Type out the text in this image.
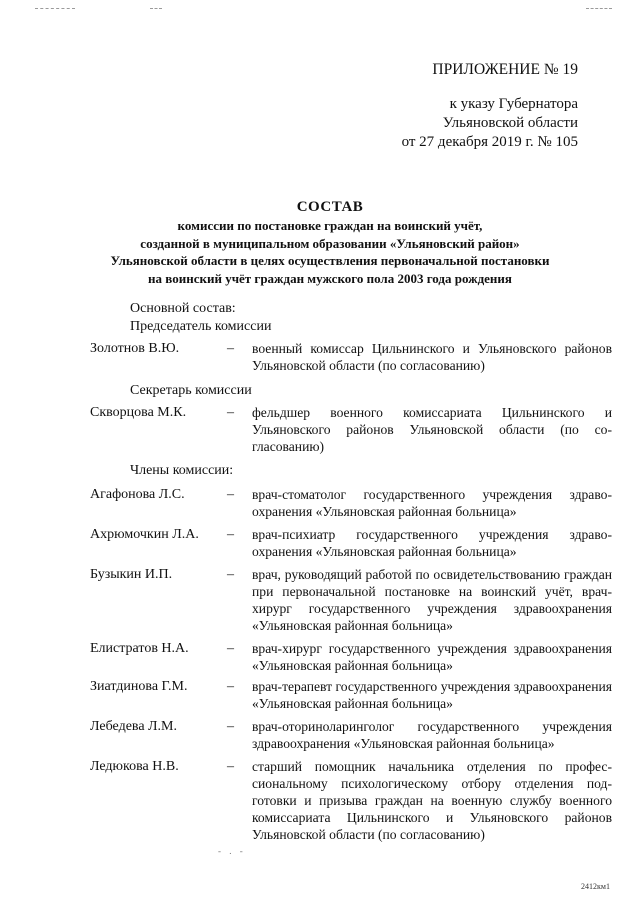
ПРИЛОЖЕНИЕ № 19
к указу Губернатора
Ульяновской области
от 27 декабря 2019 г. № 105
СОСТАВ
комиссии по постановке граждан на воинский учёт,
созданной в муниципальном образовании «Ульяновский район»
Ульяновской области в целях осуществления первоначальной постановки
на воинский учёт граждан мужского пола 2003 года рождения
Основной состав:
Председатель комиссии
Золотнов В.Ю.	– военный комиссар Цильнинского и Ульяновского районов Ульяновской области (по согласованию)
Секретарь комиссии
Скворцова М.К.	– фельдшер военного комиссариата Цильнинского и Ульяновского районов Ульяновской области (по согласованию)
Члены комиссии:
Агафонова Л.С.	– врач-стоматолог государственного учреждения здравоохранения «Ульяновская районная больница»
Ахрюмочкин Л.А. – врач-психиатр государственного учреждения здравоохранения «Ульяновская районная больница»
Бузыкин И.П.	– врач, руководящий работой по освидетельствованию граждан при первоначальной постановке на воинский учёт, врач-хирург государственного учреждения здравоохранения «Ульяновская районная больница»
Елистратов Н.А.	– врач-хирург государственного учреждения здравоохранения «Ульяновская районная больница»
Зиатдинова Г.М.	– врач-терапевт государственного учреждения здравоохранения «Ульяновская районная больница»
Лебедева Л.М.	– врач-оториноларинголог государственного учреждения здравоохранения «Ульяновская районная больница»
Ледюкова Н.В.	– старший помощник начальника отделения по профессиональному психологическому отбору отделения подготовки и призыва граждан на военную службу военного комиссариата Цильнинского и Ульяновского районов Ульяновской области (по согласованию)
- . -
2412км1
